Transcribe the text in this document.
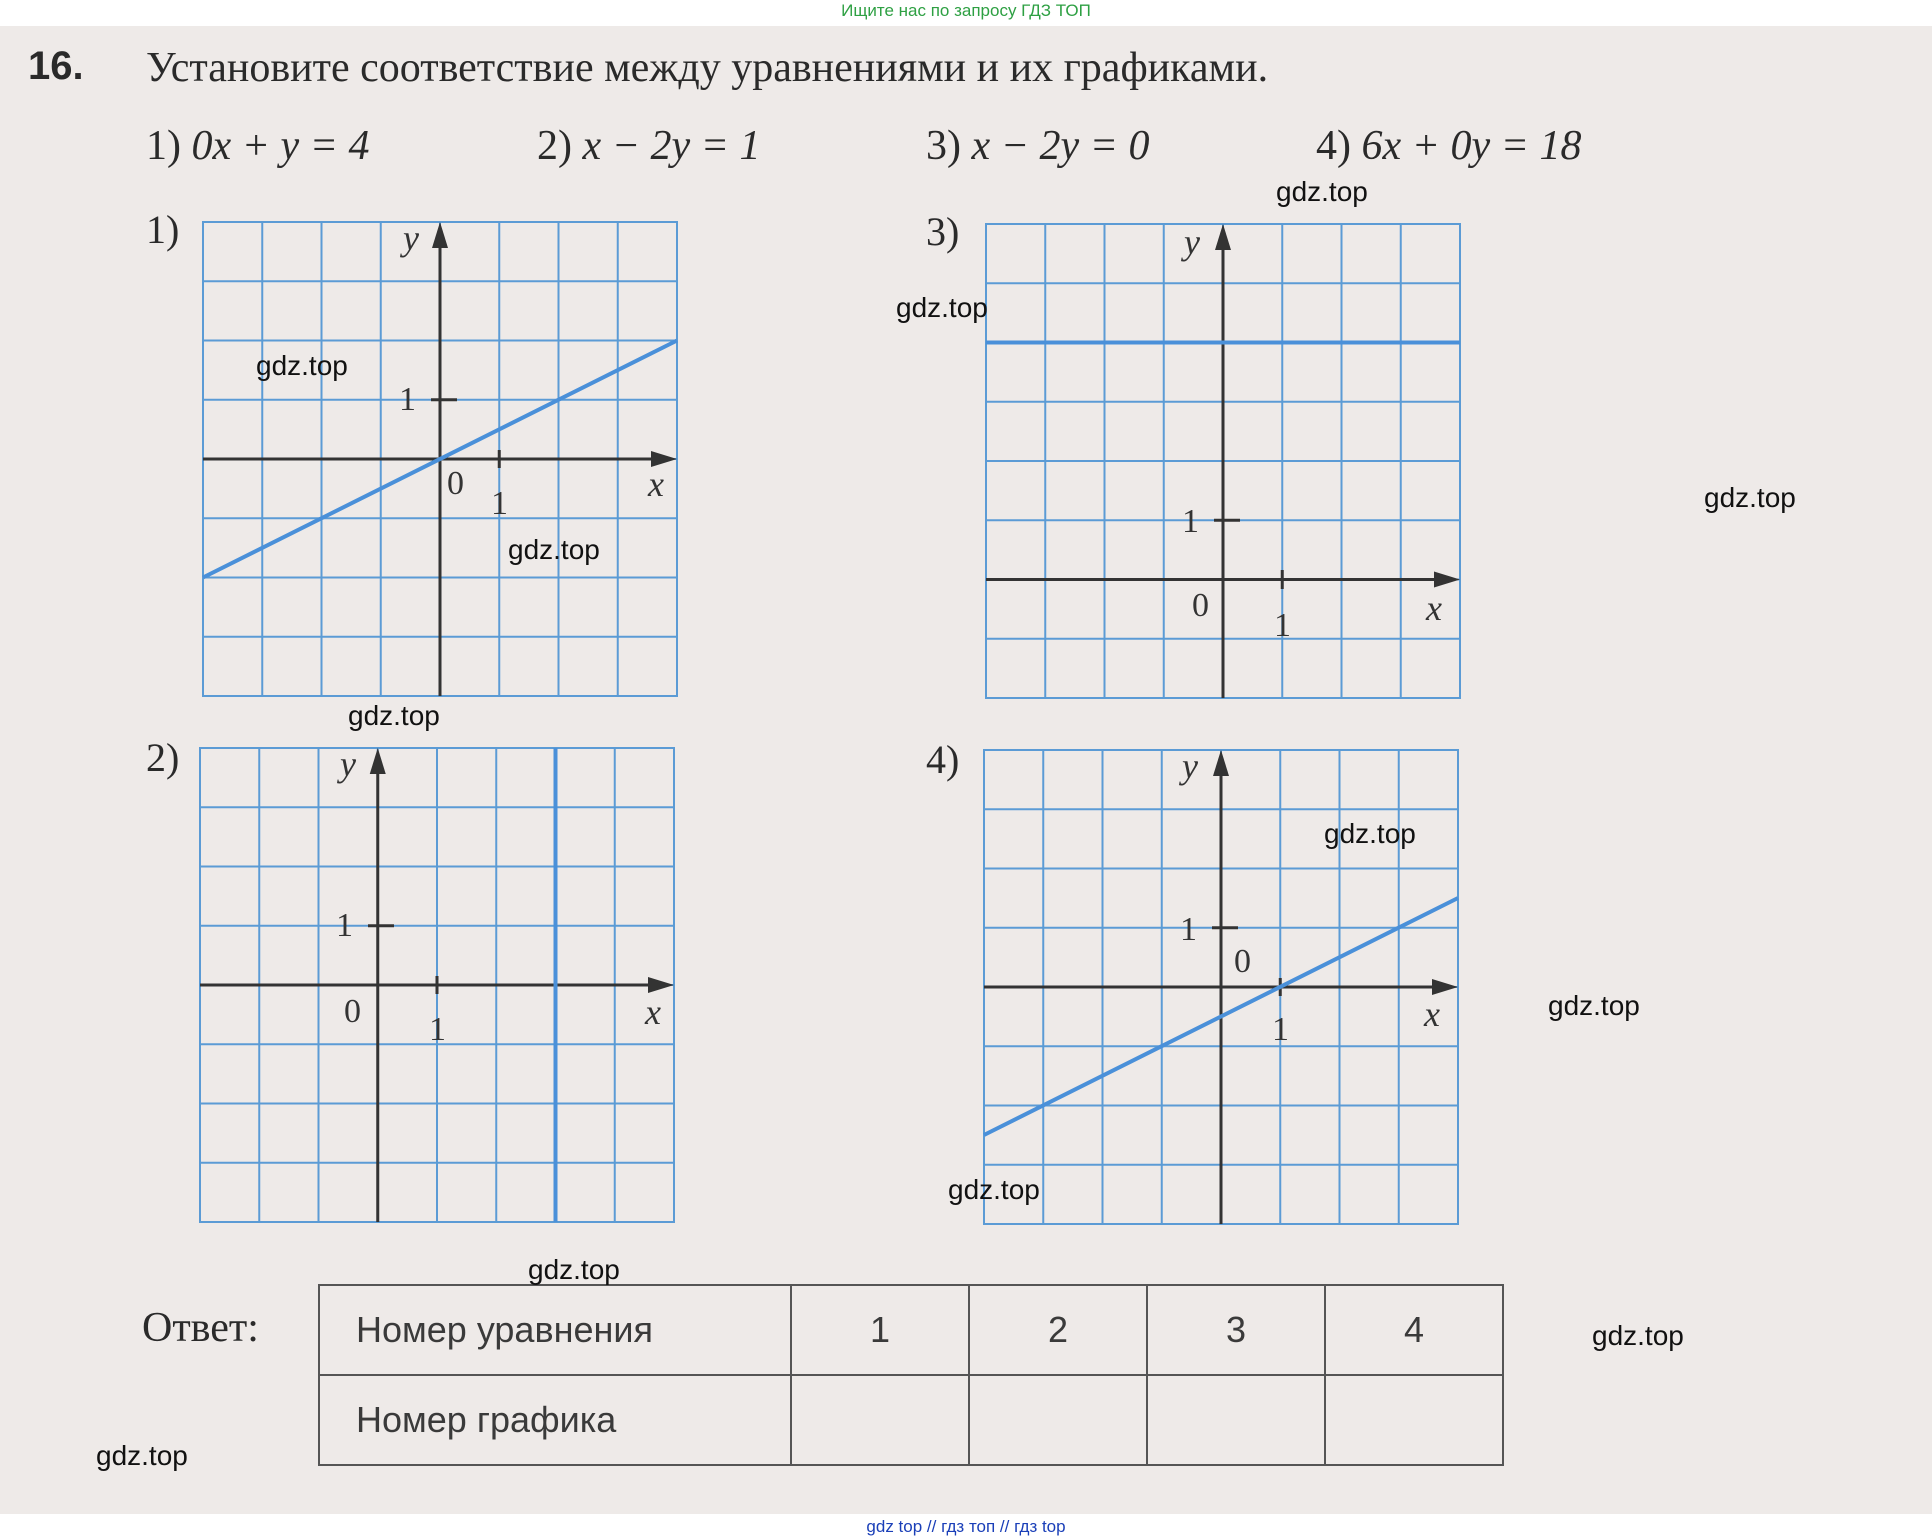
Ищите нас по запросу ГДЗ ТОП
16. Установите соответствие между уравнениями и их графиками.
1) 0x + y = 4	2) x − 2y = 1	3) x − 2y = 0	4) 6x + 0y = 18
1)	3)
2)	4)
x
y
0
1
1
x
y
0
1
1
x
y
0 1
1
x
y
0
1
1
Ответ:	Номер уравнения	1	2	3	4
Номер графика				
gdz.top
gdz.top
gdz.top
gdz.top
gdz.top
gdz.top
gdz.top
gdz.top
gdz.top
gdz.top
gdz.top
gdz.top
gdz top // гдз топ // гдз top
